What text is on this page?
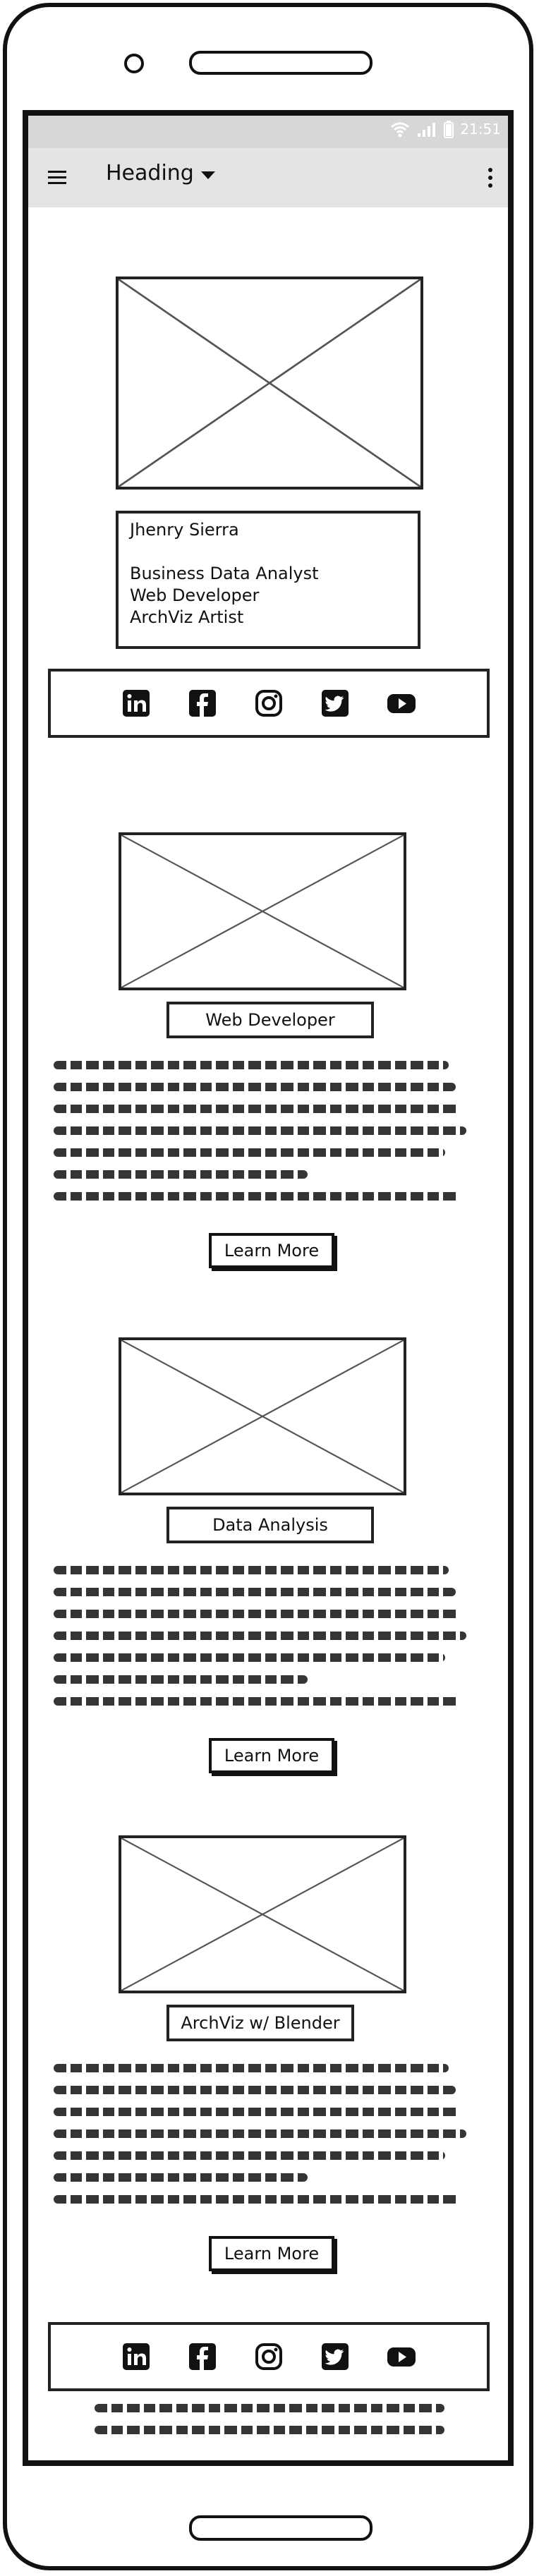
21:51
Heading
Jhenry Sierra
Business Data Analyst
Web Developer
ArchViz Artist
Web Developer
Learn More
Data Analysis
Learn More
ArchViz w/ Blender
Learn More
